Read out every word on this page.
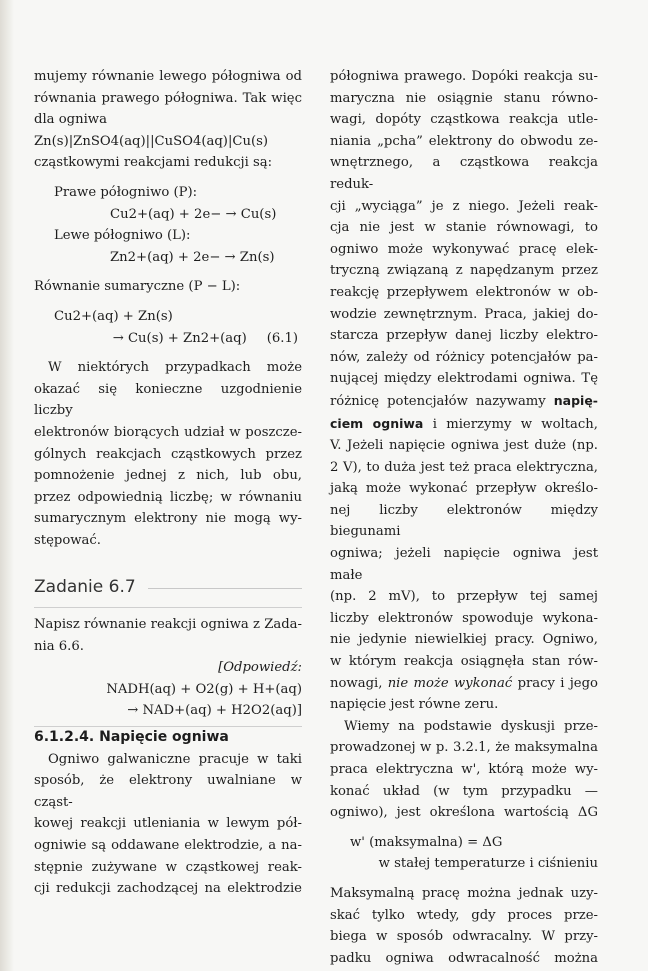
mujemy równanie lewego półogniwa od

równania prawego półogniwa. Tak więc

dla ogniwa

Zn(s)|ZnSO4(aq)||CuSO4(aq)|Cu(s)

cząstkowymi reakcjami redukcji są:

Prawe półogniwo (P):

Cu2+(aq) + 2e− → Cu(s)

Lewe półogniwo (L):

Zn2+(aq) + 2e− → Zn(s)

Równanie sumaryczne (P − L):

Cu2+(aq) + Zn(s)

→ Cu(s) + Zn2+(aq) (6.1)

W niektórych przypadkach może

okazać się konieczne uzgodnienie liczby

elektronów biorących udział w poszcze-

gólnych reakcjach cząstkowych przez

pomnożenie jednej z nich, lub obu,

przez odpowiednią liczbę; w równaniu

sumarycznym elektrony nie mogą wy-

stępować.

Zadanie 6.7

Napisz równanie reakcji ogniwa z Zada-

nia 6.6.

[Odpowiedź:

NADH(aq) + O2(g) + H+(aq)

→ NAD+(aq) + H2O2(aq)]

6.1.2.4. Napięcie ogniwa

Ogniwo galwaniczne pracuje w taki

sposób, że elektrony uwalniane w cząst-

kowej reakcji utleniania w lewym pół-

ogniwie są oddawane elektrodzie, a na-

stępnie zużywane w cząstkowej reak-

cji redukcji zachodzącej na elektrodzie

półogniwa prawego. Dopóki reakcja su-

maryczna nie osiągnie stanu równo-

wagi, dopóty cząstkowa reakcja utle-

niania „pcha” elektrony do obwodu ze-

wnętrznego, a cząstkowa reakcja reduk-

cji „wyciąga” je z niego. Jeżeli reak-

cja nie jest w stanie równowagi, to

ogniwo może wykonywać pracę elek-

tryczną związaną z napędzanym przez

reakcję przepływem elektronów w ob-

wodzie zewnętrznym. Praca, jakiej do-

starcza przepływ danej liczby elektro-

nów, zależy od różnicy potencjałów pa-

nującej między elektrodami ogniwa. Tę

różnicę potencjałów nazywamy napię-

ciem ogniwa i mierzymy w woltach,

V. Jeżeli napięcie ogniwa jest duże (np.

2 V), to duża jest też praca elektryczna,

jaką może wykonać przepływ określo-

nej liczby elektronów między biegunami

ogniwa; jeżeli napięcie ogniwa jest małe

(np. 2 mV), to przepływ tej samej

liczby elektronów spowoduje wykona-

nie jedynie niewielkiej pracy. Ogniwo,

w którym reakcja osiągnęła stan rów-

nowagi, nie może wykonać pracy i jego

napięcie jest równe zeru.

Wiemy na podstawie dyskusji prze-

prowadzonej w p. 3.2.1, że maksymalna

praca elektryczna w', którą może wy-

konać układ (w tym przypadku —

ogniwo), jest określona wartością ΔG

w' (maksymalna) = ΔG

w stałej temperaturze i ciśnieniu

Maksymalną pracę można jednak uzy-

skać tylko wtedy, gdy proces prze-

biega w sposób odwracalny. W przy-

padku ogniwa odwracalność można
